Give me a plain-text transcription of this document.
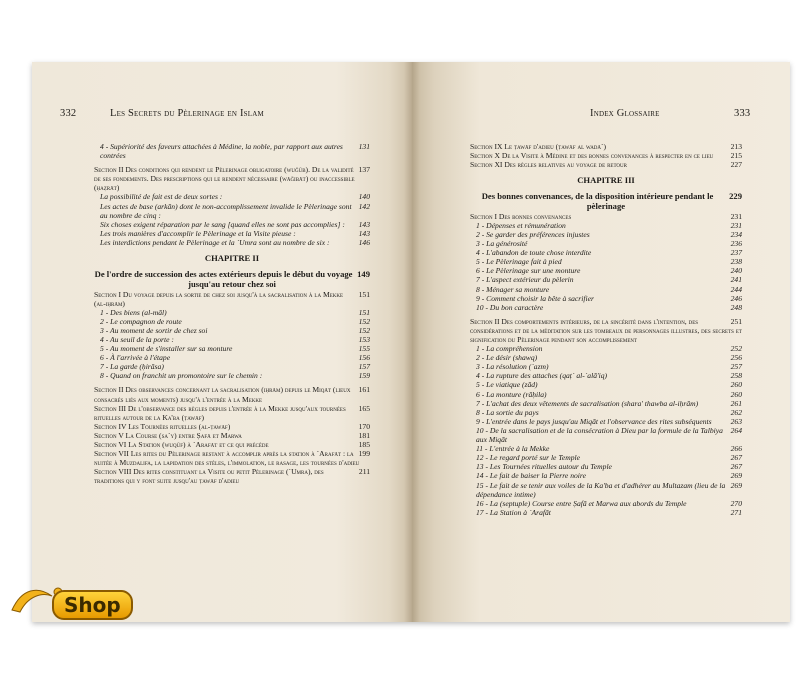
332	Les Secrets du Pèlerinage en Islam
131
4 - Supériorité des faveurs attachées à Médine, la noble, par rapport aux autres contrées
137
Section II Des conditions qui rendent le Pèlerinage obligatoire (wuǧūb). De la validité de ses fondements. Des prescriptions qui le rendent nécessaire (wāǧibāt) ou inaccessible (ḥaẓrāt)
140
La possibilité de fait est de deux sortes :
142
Les actes de base (arkān) dont le non-accomplissement invalide le Pèlerinage sont au nombre de cinq :
143
Six choses exigent réparation par le sang [quand elles ne sont pas accomplies] :
143
Les trois manières d'accomplir le Pèlerinage et la Visite pieuse :
146
Les interdictions pendant le Pèlerinage et la `Umra sont au nombre de six :
CHAPITRE II
149
De l'ordre de succession des actes extérieurs depuis le début du voyage jusqu'au retour chez soi
151
Section I Du voyage depuis la sortie de chez soi jusqu'à la sacralisation à la Mekke (al-iḥrām)
151
1 - Des biens (al-māl)
152
2 - Le compagnon de route
152
3 - Au moment de sortir de chez soi
153
4 - Au seuil de la porte :
155
5 - Au moment de s'installer sur sa monture
156
6 - À l'arrivée à l'étape
157
7 - La garde (ḥirāsa)
159
8 - Quand on franchit un promontoire sur le chemin :
161
Section II Des observances concernant la sacralisation (iḥrām) depuis le Miqāt (lieux consacrés liés aux moments) jusqu'à l'entrée à la Mekke
165
Section III De l'observance des règles depuis l'entrée à la Mekke jusqu'aux tournées rituelles autour de la Ka'ba (ṭawāf)
170
Section IV Les Tournées rituelles (al-ṭawāf)
181
Section V La Course (sa`y) entre Ṣafā et Marwa
185
Section VI La Station (wuqūf) à `Arafāt et ce qui précède
199
Section VII Les rites du Pèlerinage restant à accomplir après la station à `Arafāt : la nuitée à Muzdalifa, la lapidation des stèles, l'immolation, le rasage, les tournées d'adieu
211
Section VIII Des rites constituant la Visite ou petit Pèlerinage (`Umra), des traditions qui y font suite jusqu'au ṭawāf d'adieu
Index Glossaire	333
213
Section IX Le ṭawāf d'adieu (ṭawāf al wadā`)
215
Section X De la Visite à Médine et des bonnes convenances à respecter en ce lieu
227
Section XI Des règles relatives au voyage de retour
CHAPITRE III
229
Des bonnes convenances, de la disposition intérieure pendant le pèlerinage
231
Section I Des bonnes convenances
231
1 - Dépenses et rémunération
234
2 - Se garder des préférences injustes
236
3 - La générosité
237
4 - L'abandon de toute chose interdite
238
5 - Le Pèlerinage fait à pied
240
6 - Le Pèlerinage sur une monture
241
7 - L'aspect extérieur du pèlerin
244
8 - Ménager sa monture
246
9 - Comment choisir la bête à sacrifier
248
10 - Du bon caractère
251
Section II Des comportements intérieurs, de la sincérité dans l'intention, des considérations et de la méditation sur les tombeaux de personnages illustres, des secrets et signification du Pèlerinage pendant son accomplissement
252
1 - La compréhension
256
2 - Le désir (shawq)
257
3 - La résolution (`azm)
258
4 - La rupture des attaches (qaṭ` al-`alā'iq)
260
5 - Le viatique (zād)
260
6 - La monture (rāḥila)
261
7 - L'achat des deux vêtements de sacralisation (shara' thawba al-iḥrām)
262
8 - La sortie du pays
263
9 - L'entrée dans le pays jusqu'au Miqāt et l'observance des rites subséquents
264
10 - De la sacralisation et de la consécration à Dieu par la formule de la Talbiya aux Miqāt
266
11 - L'entrée à la Mekke
267
12 - Le regard porté sur le Temple
267
13 - Les Tournées rituelles autour du Temple
269
14 - Le fait de baiser la Pierre noire
269
15 - Le fait de se tenir aux voiles de la Ka'ba et d'adhérer au Multazam (lieu de la dépendance intime)
270
16 - La (septuple) Course entre Ṣafā et Marwa aux abords du Temple
271
17 - La Station à `Arafāt
Shop
